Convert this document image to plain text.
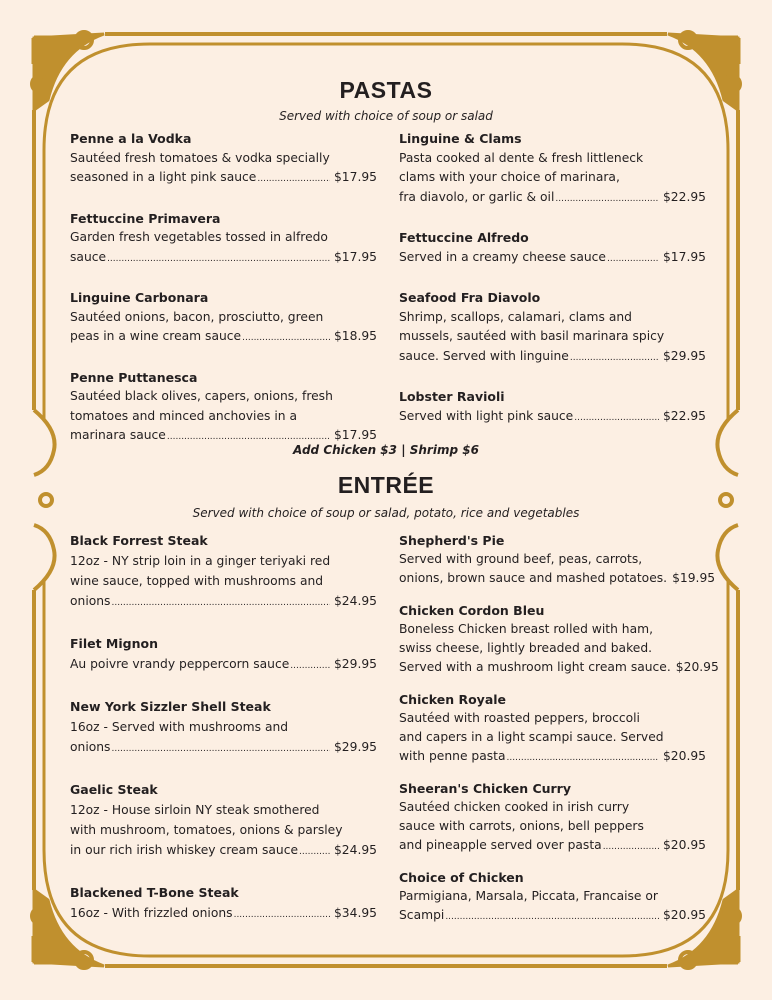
PASTAS
Served with choice of soup or salad
Penne a la Vodka
Sautéed fresh tomatoes & vodka specially
seasoned in a light pink sauce .....	$17.95
Fettuccine Primavera
Garden fresh vegetables tossed in alfredo
sauce .....	$17.95
Linguine Carbonara
Sautéed onions, bacon, prosciutto, green
peas in a wine cream sauce .....	$18.95
Penne Puttanesca
Sautéed black olives, capers, onions, fresh
tomatoes and minced anchovies in a
marinara sauce .....	$17.95
Linguine & Clams
Pasta cooked al dente & fresh littleneck
clams with your choice of marinara,
fra diavolo, or garlic & oil .....	$22.95
Fettuccine Alfredo
Served in a creamy cheese sauce .....	$17.95
Seafood Fra Diavolo
Shrimp, scallops, calamari, clams and
mussels, sautéed with basil marinara spicy
sauce. Served with linguine .....	$29.95
Lobster Ravioli
Served with light pink sauce .....	$22.95
Add Chicken $3 | Shrimp $6
ENTRÉE
Served with choice of soup or salad, potato, rice and vegetables
Black Forrest Steak
12oz - NY strip loin in a ginger teriyaki red
wine sauce, topped with mushrooms and
onions .....	$24.95
Filet Mignon
Au poivre vrandy peppercorn sauce .....	$29.95
New York Sizzler Shell Steak
16oz - Served with mushrooms and
onions .....	$29.95
Gaelic Steak
12oz - House sirloin NY steak smothered
with mushroom, tomatoes, onions & parsley
in our rich irish whiskey cream sauce .....	$24.95
Blackened T-Bone Steak
16oz - With frizzled onions .....	$34.95
Shepherd's Pie
Served with ground beef, peas, carrots,
onions, brown sauce and mashed potatoes. $19.95
Chicken Cordon Bleu
Boneless Chicken breast rolled with ham,
swiss cheese, lightly breaded and baked.
Served with a mushroom light cream sauce. $20.95
Chicken Royale
Sautéed with roasted peppers, broccoli
and capers in a light scampi sauce. Served
with penne pasta .....	$20.95
Sheeran's Chicken Curry
Sautéed chicken cooked in irish curry
sauce with carrots, onions, bell peppers
and pineapple served over pasta .....	$20.95
Choice of Chicken
Parmigiana, Marsala, Piccata, Francaise or
Scampi .....	$20.95
